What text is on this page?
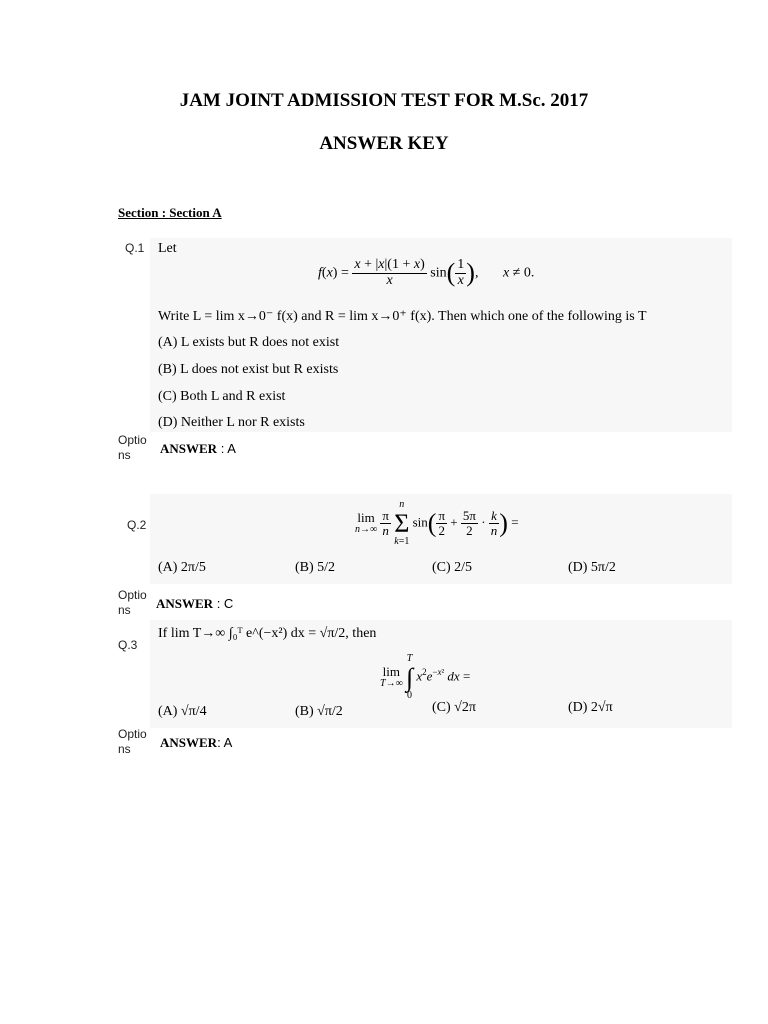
JAM JOINT ADMISSION TEST FOR M.Sc. 2017
ANSWER KEY
Section : Section A
Q.1 Let
$f(x) = \frac{x + |x|(1 + x)}{x} \sin( \frac{1}{x}$ ),       x ≠ 0.
Write L = lim x→0⁻ f(x) and R = lim x→0⁺ f(x). Then which one of the following is T
(A) L exists but R does not exist
(B) L does not exist but R exists
(C) Both L and R exist
(D) Neither L nor R exists
Optio ns	ANSWER : A
Q.2	lim
n→∞
$\frac{\pi}{n}$

n
Σ
k=1
$\sin( \frac{\pi}{2} + \frac{5\pi}{2} \cdot \frac{k}{n}$ ) =
(A) 2π/5	(B) 5/2	(C) 2/5	(D) 5π/2
Optio ns	ANSWER : C
Q.3
If lim T→∞ ∫₀ᵀ e^(−x²) dx = √π/2, then
lim
T→∞

T
∫
0
$x^2e^{-x^2}$ dx =
(A) √π/4	(B) √π/2	(C) √2π	(D) 2√π
Optio ns	ANSWER: A
